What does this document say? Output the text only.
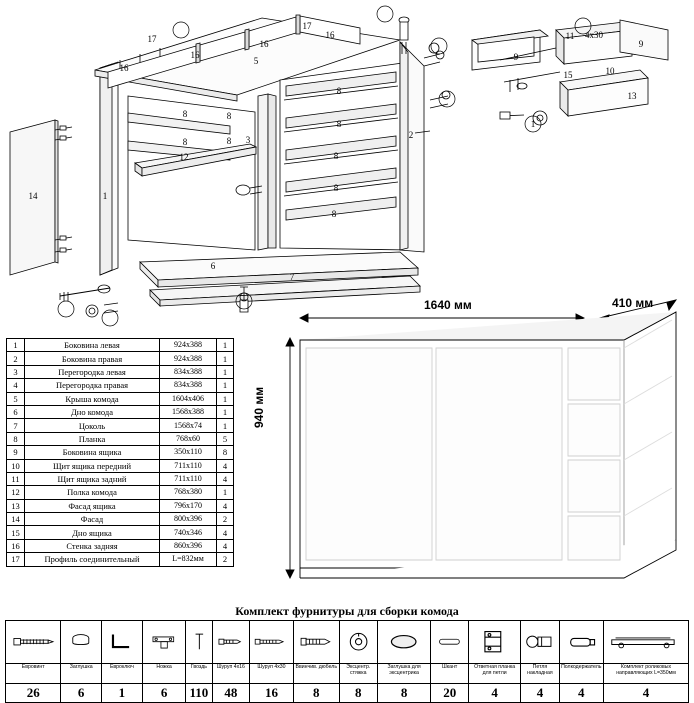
17
16
16
16
17
16
5
8	8
8	8
8
8
8
8
8
3	2
1
12
14
6
7
9
9
11	4x30
15	10
13
1
1	Боковина левая	924х388	1
2	Боковина правая	924х388	1
3	Перегородка левая	834х388	1
4	Перегородка правая	834х388	1
5	Крыша комода	1604х406	1
6	Дно комода	1568х388	1
7	Цоколь	1568х74	1
8	Планка	768х60	5
9	Боковина ящика	350х110	8
10	Щит ящика передний	711х110	4
11	Щит ящика задний	711х110	4
12	Полка комода	768х380	1
13	Фасад ящика	796х170	4
14	Фасад	800х396	2
15	Дно ящика	740х346	4
16	Стенка задняя	860х396	4
17	Профиль соединительный	L=832мм	2
1640 мм	410 мм
940 мм
Комплект фурнитуры для сборки комода

Евровинт	Заглушка	Евроключ	Ножка	Гвоздь	Шуруп 4х16	Шуруп 4х30	Ввинчив. дюбель	Эксцентр. стяжка	Заглушка для эксцентрика	Шкант	Ответная планка для петли	Петля накладная	Полкодержатель	Комплект роликовых направляющих L=350мм

26	6	1	6	110	48	16	8	8	8	20	4	4	4	4
